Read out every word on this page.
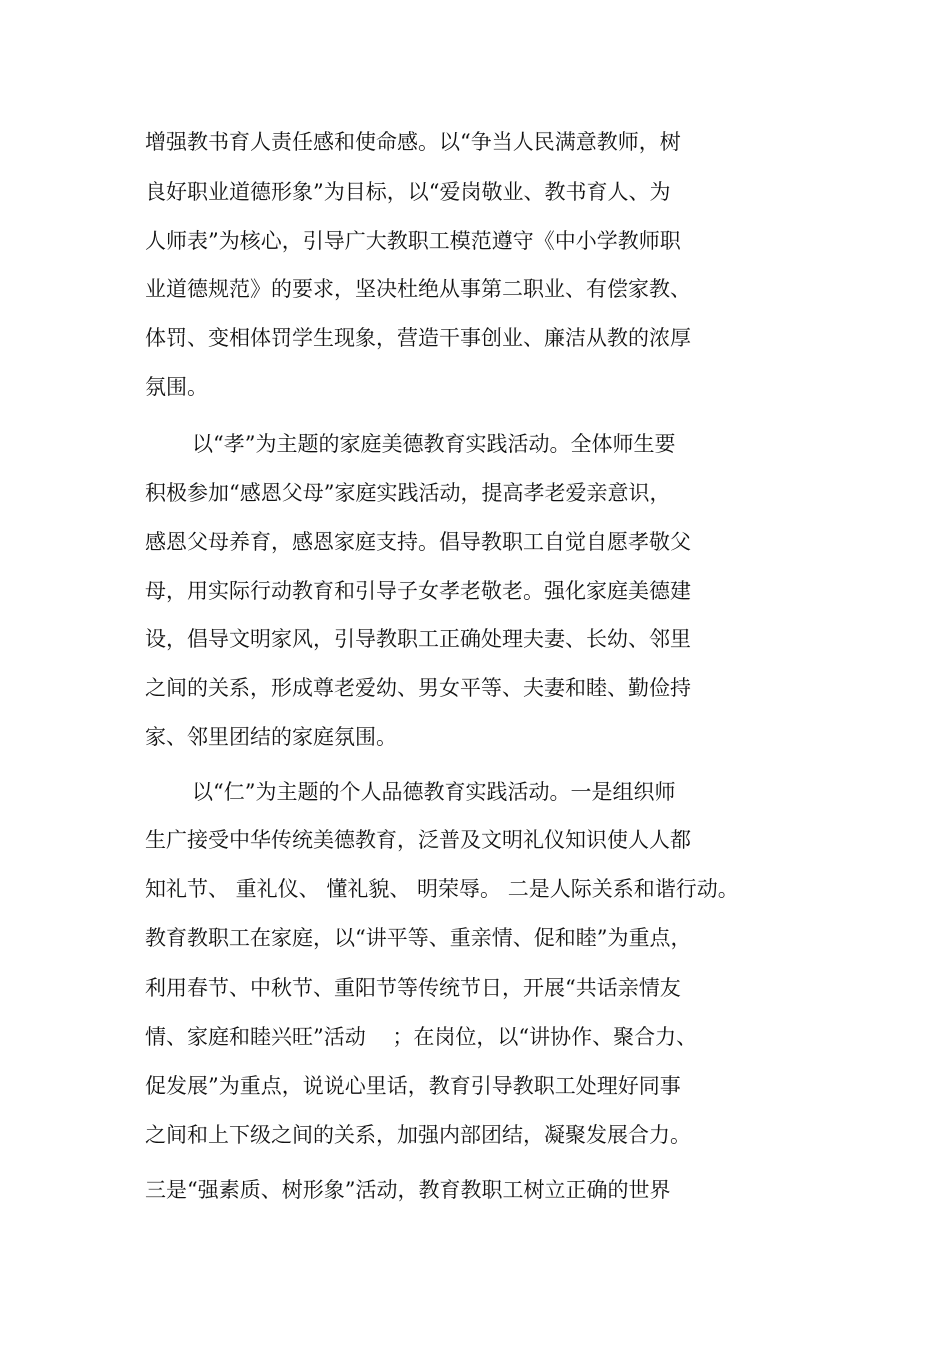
增强教书育人责任感和使命感。以“争当人民满意教师，树
良好职业道德形象”为目标，以“爱岗敬业、教书育人、为
人师表”为核心，引导广大教职工模范遵守《中小学教师职
业道德规范》的要求，坚决杜绝从事第二职业、有偿家教、
体罚、变相体罚学生现象，营造干事创业、廉洁从教的浓厚
氛围。
以“孝”为主题的家庭美德教育实践活动。全体师生要
积极参加“感恩父母”家庭实践活动，提高孝老爱亲意识，
感恩父母养育，感恩家庭支持。倡导教职工自觉自愿孝敬父
母，用实际行动教育和引导子女孝老敬老。强化家庭美德建
设，倡导文明家风，引导教职工正确处理夫妻、长幼、邻里
之间的关系，形成尊老爱幼、男女平等、夫妻和睦、勤俭持
家、邻里团结的家庭氛围。
以“仁”为主题的个人品德教育实践活动。一是组织师
生广接受中华传统美德教育，泛普及文明礼仪知识使人人都
知礼节、 重礼仪、 懂礼貌、 明荣辱。 二是人际关系和谐行动。
教育教职工在家庭，以“讲平等、重亲情、促和睦”为重点，
利用春节、中秋节、重阳节等传统节日，开展“共话亲情友
情、家庭和睦兴旺”活动    ；在岗位，以“讲协作、聚合力、
促发展”为重点，说说心里话，教育引导教职工处理好同事
之间和上下级之间的关系，加强内部团结，凝聚发展合力。
三是“强素质、树形象”活动，教育教职工树立正确的世界
